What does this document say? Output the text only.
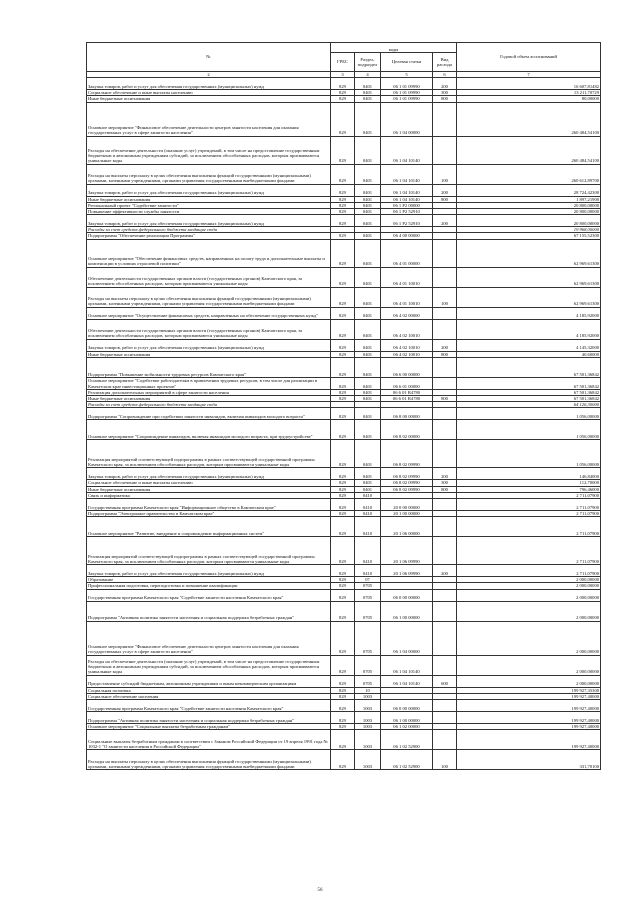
№	коды				Годовой объем ассигнований
	ГРБС	Раздел, подраздел	Целевая статья	Вид расхода	
2	3	4	5	6	7
Закупка товаров, работ и услуг для обеспечения государственных (муниципальных) нужд	829	0401	06 1 01 09990	200	16 607,81482
Социальное обеспечение и иные выплаты населению	829	0401	06 1 01 09990	300	13 211,70729
Иные бюджетные ассигнования	829	0401	06 1 01 09990	800	80,00000
Основное мероприятие "Финансовое обеспечение деятельности центров занятости населения для оказания государственных услуг в сфере занятости населения"	829	0401	06 1 04 00000		260 484,54100
Расходы на обеспечение деятельности (оказание услуг) учреждений, в том числе на предоставление государственным бюджетным и автономным учреждениям субсидий, за исключением обособленных расходов, которым присваиваются уникальные коды	829	0401	06 1 04 10140		260 484,54100
Расходы на выплаты персоналу в целях обеспечения выполнения функций государственными (муниципальными) органами, казенными учреждениями, органами управления государственными внебюджетными фондами	829	0401	06 1 04 10140	100	260 612,89700
Закупка товаров, работ и услуг для обеспечения государственных (муниципальных) нужд	829	0401	06 1 04 10140	200	28 724,42300
Иные бюджетные ассигнования	829	0401	06 1 04 10140	800	1 897,21900
Региональный проект "Содействие занятости"	829	0401	06 1 P2 00000		20 800,00000
Повышение эффективности службы занятости	829	0401	06 1 P2 52910		20 800,00000
Закупка товаров, работ и услуг для обеспечения государственных (муниципальных) нужд	829	0401	06 1 P2 52910	200	20 800,00000
Расходы за счет средств федерального бюджета входящие сюда					19 968,00000
Подпрограмма "Обеспечение реализации Программы"	829	0401	06 4 00 00000		67 155,52300
Основное мероприятие "Обеспечение финансовых средств, направленных на оплату труда и дополнительные выплаты и компенсации в условиях отраслевой политики"	829	0401	06 4 01 00000		62 969,61300
Обеспечение деятельности государственных органов власти (государственных органов) Камчатского края, за исключением обособленных расходов, которым присваиваются уникальные коды	829	0401	06 4 01 10010		62 969,61300
Расходы на выплаты персоналу в целях обеспечения выполнения функций государственными (муниципальными) органами, казенными учреждениями, органами управления государственными внебюджетными фондами	829	0401	06 4 01 10010	100	62 969,61300
Основное мероприятие "Осуществление финансовых средств, направленных на обеспечение государственных нужд"	829	0401	06 4 02 00000		4 185,92000
Обеспечение деятельности государственных органов власти (государственных органов) Камчатского края, за исключением обособленных расходов, которым присваиваются уникальные коды	829	0401	06 4 02 10010		4 185,92000
Закупка товаров, работ и услуг для обеспечения государственных (муниципальных) нужд	829	0401	06 4 02 10010	200	4 145,32000
Иные бюджетные ассигнования	829	0401	06 4 02 10010	800	40,60000
Подпрограмма "Повышение мобильности трудовых ресурсов Камчатского края"	829	0401	06 6 00 00000		67 501,36842
Основное мероприятие "Содействие работодателям в привлечении трудовых ресурсов, в том числе для реализации в Камчатском крае инвестиционных проектов"	829	0401	06 6 01 00000		67 501,36842
Реализация дополнительных мероприятий в сфере занятости населения	829	0401	06 6 01 R4780		67 501,36842
Иные бюджетные ассигнования	829	0401	06 6 01 R4780	800	67 501,36842
Расходы за счет средств федерального бюджета входящие сюда					64 126,30000
Подпрограмма "Сопровождение при содействии занятости инвалидов, включая инвалидов молодого возраста"	829	0401	06 8 00 00000		1 056,00000
Основное мероприятие "Сопровождение инвалидов, включая инвалидов молодого возраста, при трудоустройстве"	829	0401	06 8 02 00000		1 056,00000
Реализация мероприятий соответствующей подпрограммы в рамках соответствующей государственной программы Камчатского края, за исключением обособленных расходов, которым присваиваются уникальные коды	829	0401	06 8 02 09990		1 056,00000
Закупка товаров, работ и услуг для обеспечения государственных (муниципальных) нужд	829	0401	06 8 02 09990	200	146,84000
Социальное обеспечение и иные выплаты населению	829	0401	06 8 02 09990	300	112,70000
Иные бюджетные ассигнования	829	0401	06 8 02 09990	800	796,46000
Связь и информатика	829	0410			2 711,07900
Государственная программа Камчатского края "Информационное общество в Камчатском крае"	829	0410	20 0 00 00000		2 711,07900
Подпрограмма "Электронное правительство в Камчатском крае"	829	0410	20 1 00 00000		2 711,07900
Основное мероприятие "Развитие, внедрение и сопровождение информационных систем"	829	0410	20 1 06 00000		2 711,07900
Реализация мероприятий соответствующей подпрограммы в рамках соответствующей государственной программы Камчатского края, за исключением обособленных расходов, которым присваиваются уникальные коды	829	0410	20 1 06 09990		2 711,07900
Закупка товаров, работ и услуг для обеспечения государственных (муниципальных) нужд	829	0410	20 1 06 09990	200	2 711,07900
Образование	829	07			2 000,00000
Профессиональная подготовка, переподготовка и повышение квалификации	829	0705			2 000,00000
Государственная программа Камчатского края "Содействие занятости населения Камчатского края"	829	0705	06 0 00 00000		2 000,00000
Подпрограмма "Активная политика занятости населения и социальная поддержка безработных граждан"	829	0705	06 1 00 00000		2 000,00000
Основное мероприятие "Финансовое обеспечение деятельности центров занятости населения для оказания государственных услуг в сфере занятости населения"	829	0705	06 1 04 00000		2 000,00000
Расходы на обеспечение деятельности (оказание услуг) учреждений, в том числе на предоставление государственным бюджетным и автономным учреждениям субсидий, за исключением обособленных расходов, которым присваиваются уникальные коды	829	0705	06 1 04 10140		2 000,00000
Предоставление субсидий бюджетным, автономным учреждениям и иным некоммерческим организациям	829	0705	06 1 04 10140	600	2 000,00000
Социальная политика	829	10			199 927,35300
Социальное обеспечение населения	829	1003			199 927,40000
Государственная программа Камчатского края "Содействие занятости населения Камчатского края"	829	1003	06 0 00 00000		199 927,40000
Подпрограмма "Активная политика занятости населения и социальная поддержка безработных граждан"	829	1003	06 1 00 00000		199 927,40000
Основное мероприятие "Социальные выплаты безработным гражданам"	829	1003	06 1 02 00000		199 927,40000
Социальные выплаты безработным гражданам в соответствии с Законом Российской Федерации от 19 апреля 1991 года № 1032-1 "О занятости населения в Российской Федерации"	829	1003	06 1 02 52900		199 927,40000
Расходы на выплаты персоналу в целях обеспечения выполнения функций государственными (муниципальными) органами, казенными учреждениями, органами управления государственными внебюджетными фондами	829	1003	06 1 02 52900	100	331,70100
56
